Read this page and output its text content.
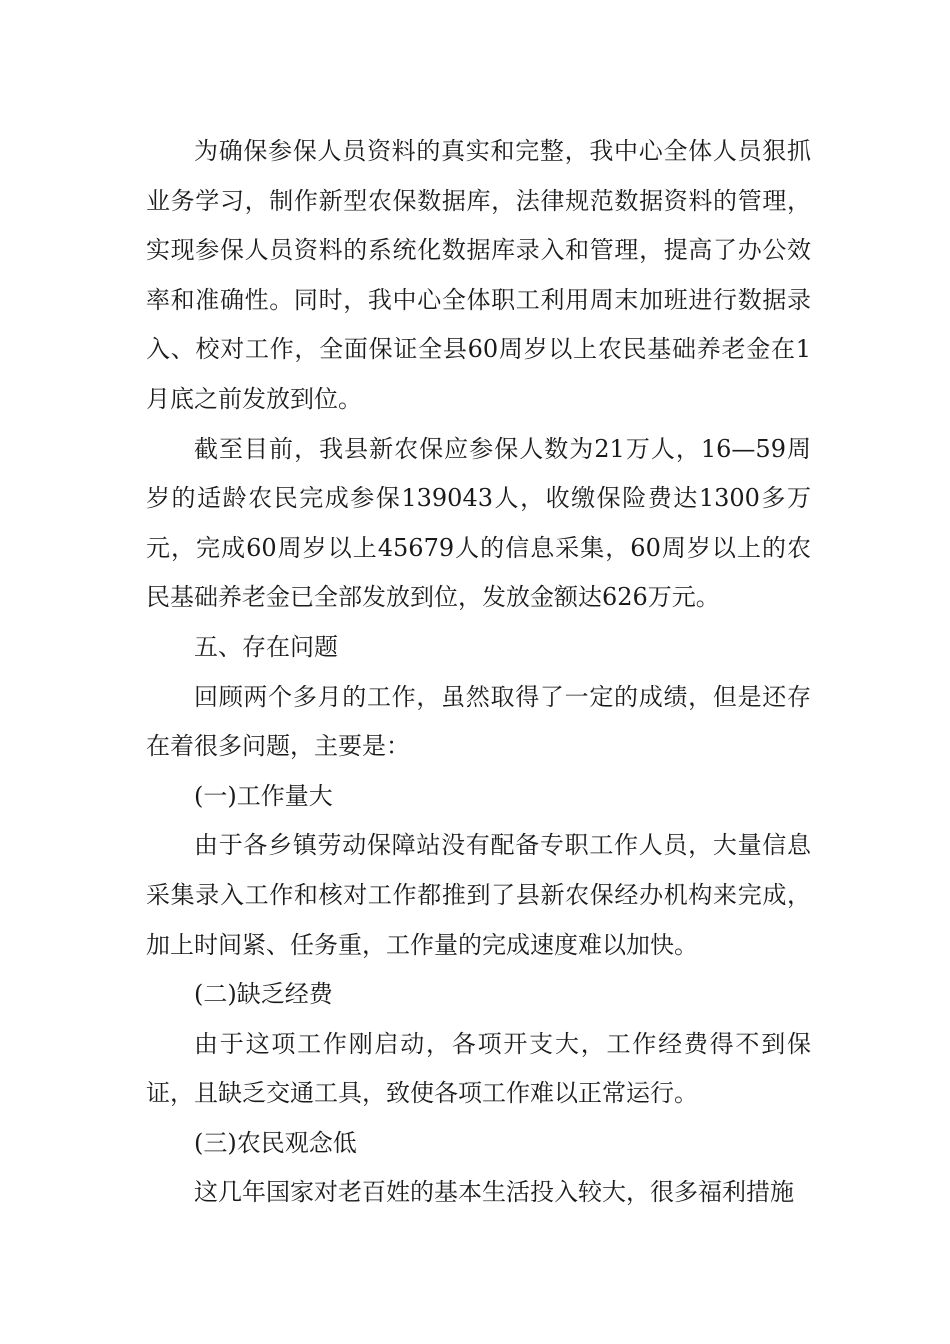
为确保参保人员资料的真实和完整，我中心全体人员狠抓业务学习，制作新型农保数据库，法律规范数据资料的管理，实现参保人员资料的系统化数据库录入和管理，提高了办公效率和准确性。同时，我中心全体职工利用周末加班进行数据录入、校对工作，全面保证全县60周岁以上农民基础养老金在1月底之前发放到位。

截至目前，我县新农保应参保人数为21万人，16—59周岁的适龄农民完成参保139043人，收缴保险费达1300多万元，完成60周岁以上45679人的信息采集，60周岁以上的农民基础养老金已全部发放到位，发放金额达626万元。

五、存在问题

回顾两个多月的工作，虽然取得了一定的成绩，但是还存在着很多问题，主要是：

(一)工作量大

由于各乡镇劳动保障站没有配备专职工作人员，大量信息采集录入工作和核对工作都推到了县新农保经办机构来完成，加上时间紧、任务重，工作量的完成速度难以加快。

(二)缺乏经费

由于这项工作刚启动，各项开支大，工作经费得不到保证，且缺乏交通工具，致使各项工作难以正常运行。

(三)农民观念低

这几年国家对老百姓的基本生活投入较大，很多福利措施
